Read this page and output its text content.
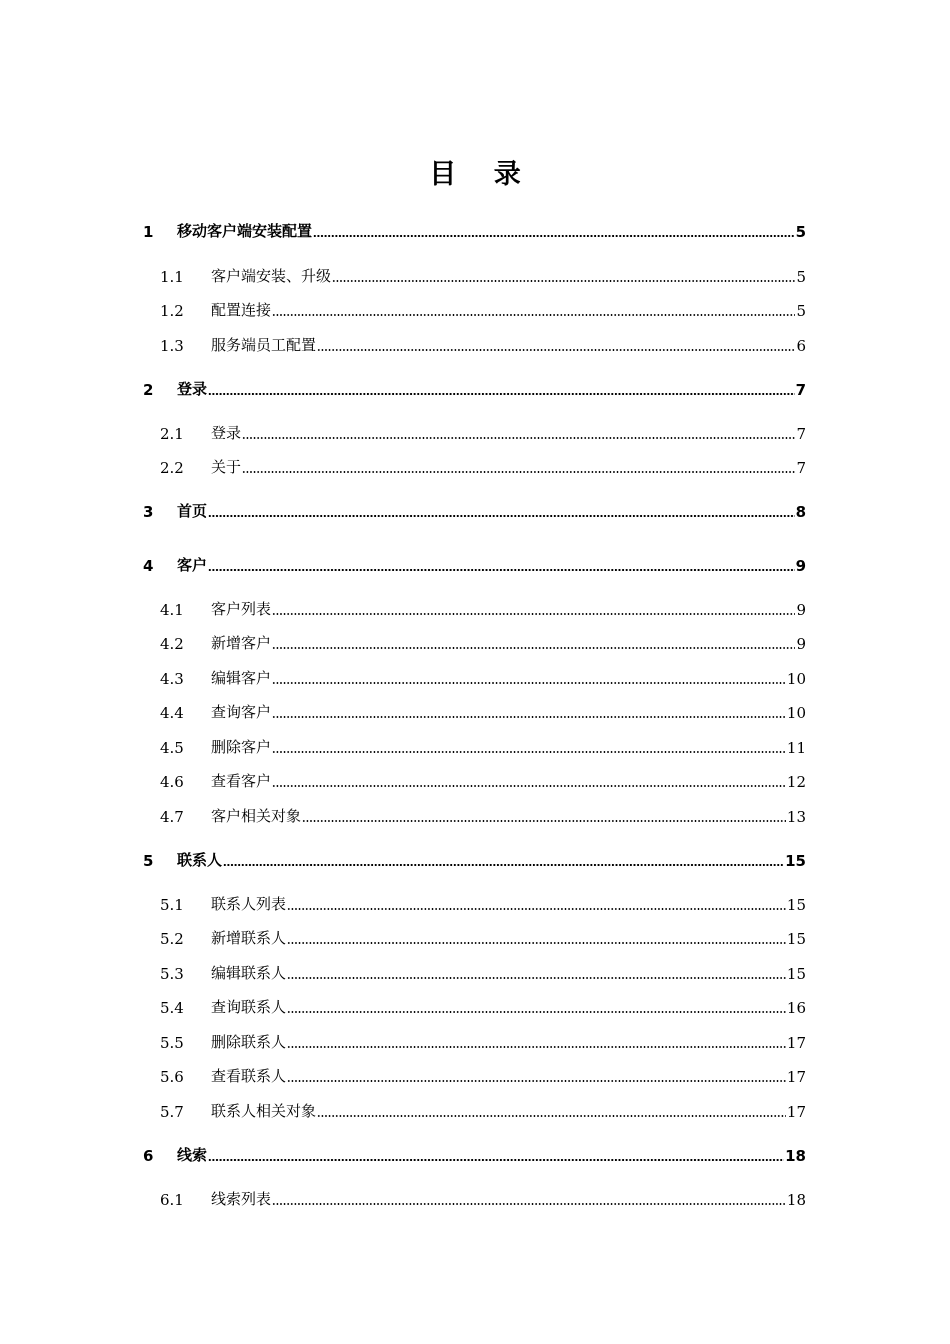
目 录
1	移动客户端安装配置	5
1.1	客户端安装、升级	5
1.2	配置连接	5
1.3	服务端员工配置	6
2	登录	7
2.1	登录	7
2.2	关于	7
3	首页	8
4	客户	9
4.1	客户列表	9
4.2	新增客户	9
4.3	编辑客户	10
4.4	查询客户	10
4.5	删除客户	11
4.6	查看客户	12
4.7	客户相关对象	13
5	联系人	15
5.1	联系人列表	15
5.2	新增联系人	15
5.3	编辑联系人	15
5.4	查询联系人	16
5.5	删除联系人	17
5.6	查看联系人	17
5.7	联系人相关对象	17
6	线索	18
6.1	线索列表	18
